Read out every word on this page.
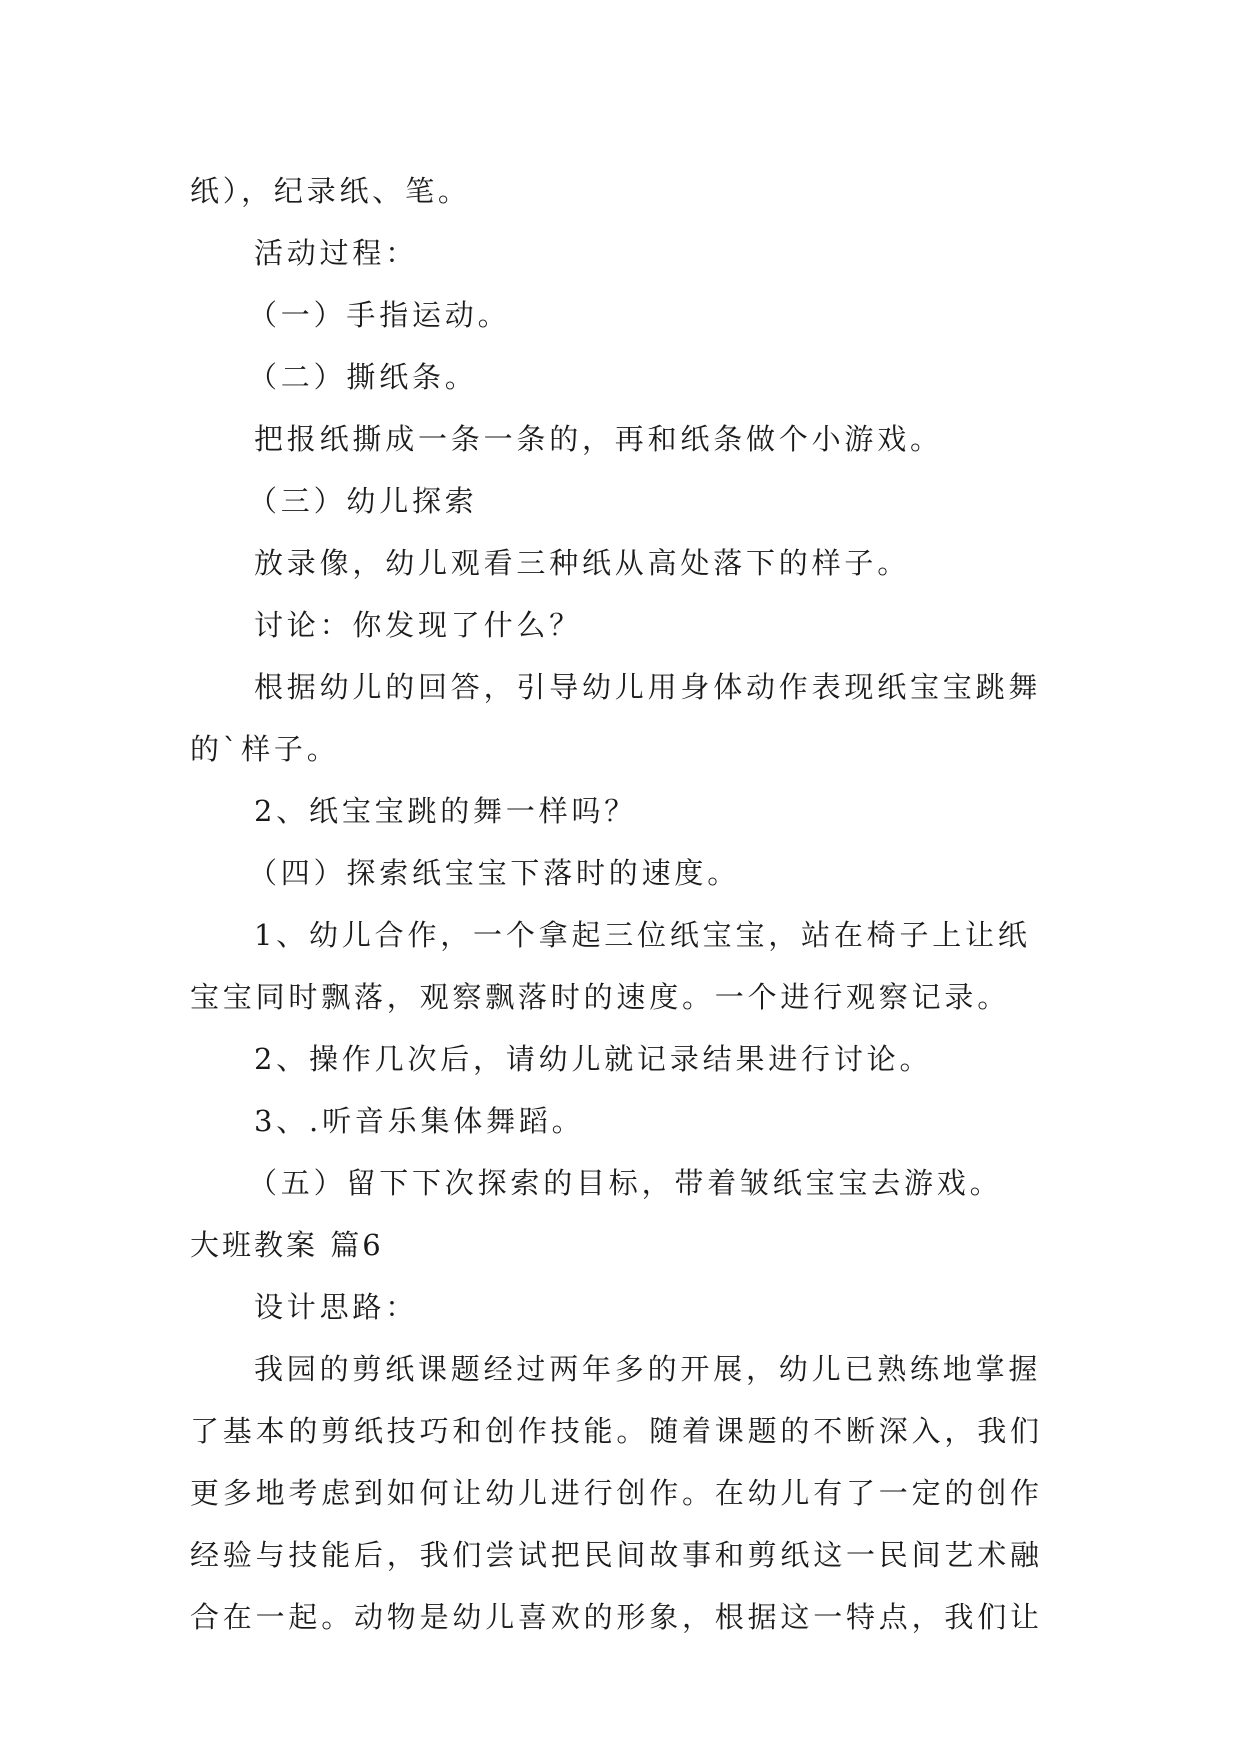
纸），纪录纸、笔。
活动过程：
（一）手指运动。
（二）撕纸条。
把报纸撕成一条一条的，再和纸条做个小游戏。
（三）幼儿探索
放录像，幼儿观看三种纸从高处落下的样子。
讨论：你发现了什么？
根据幼儿的回答，引导幼儿用身体动作表现纸宝宝跳舞
的`样子。
2、纸宝宝跳的舞一样吗？
（四）探索纸宝宝下落时的速度。
1、幼儿合作，一个拿起三位纸宝宝，站在椅子上让纸
宝宝同时飘落，观察飘落时的速度。一个进行观察记录。
2、操作几次后，请幼儿就记录结果进行讨论。
3、.听音乐集体舞蹈。
（五）留下下次探索的目标，带着皱纸宝宝去游戏。
大班教案 篇6
设计思路：
我园的剪纸课题经过两年多的开展，幼儿已熟练地掌握
了基本的剪纸技巧和创作技能。随着课题的不断深入，我们
更多地考虑到如何让幼儿进行创作。在幼儿有了一定的创作
经验与技能后，我们尝试把民间故事和剪纸这一民间艺术融
合在一起。动物是幼儿喜欢的形象，根据这一特点，我们让
